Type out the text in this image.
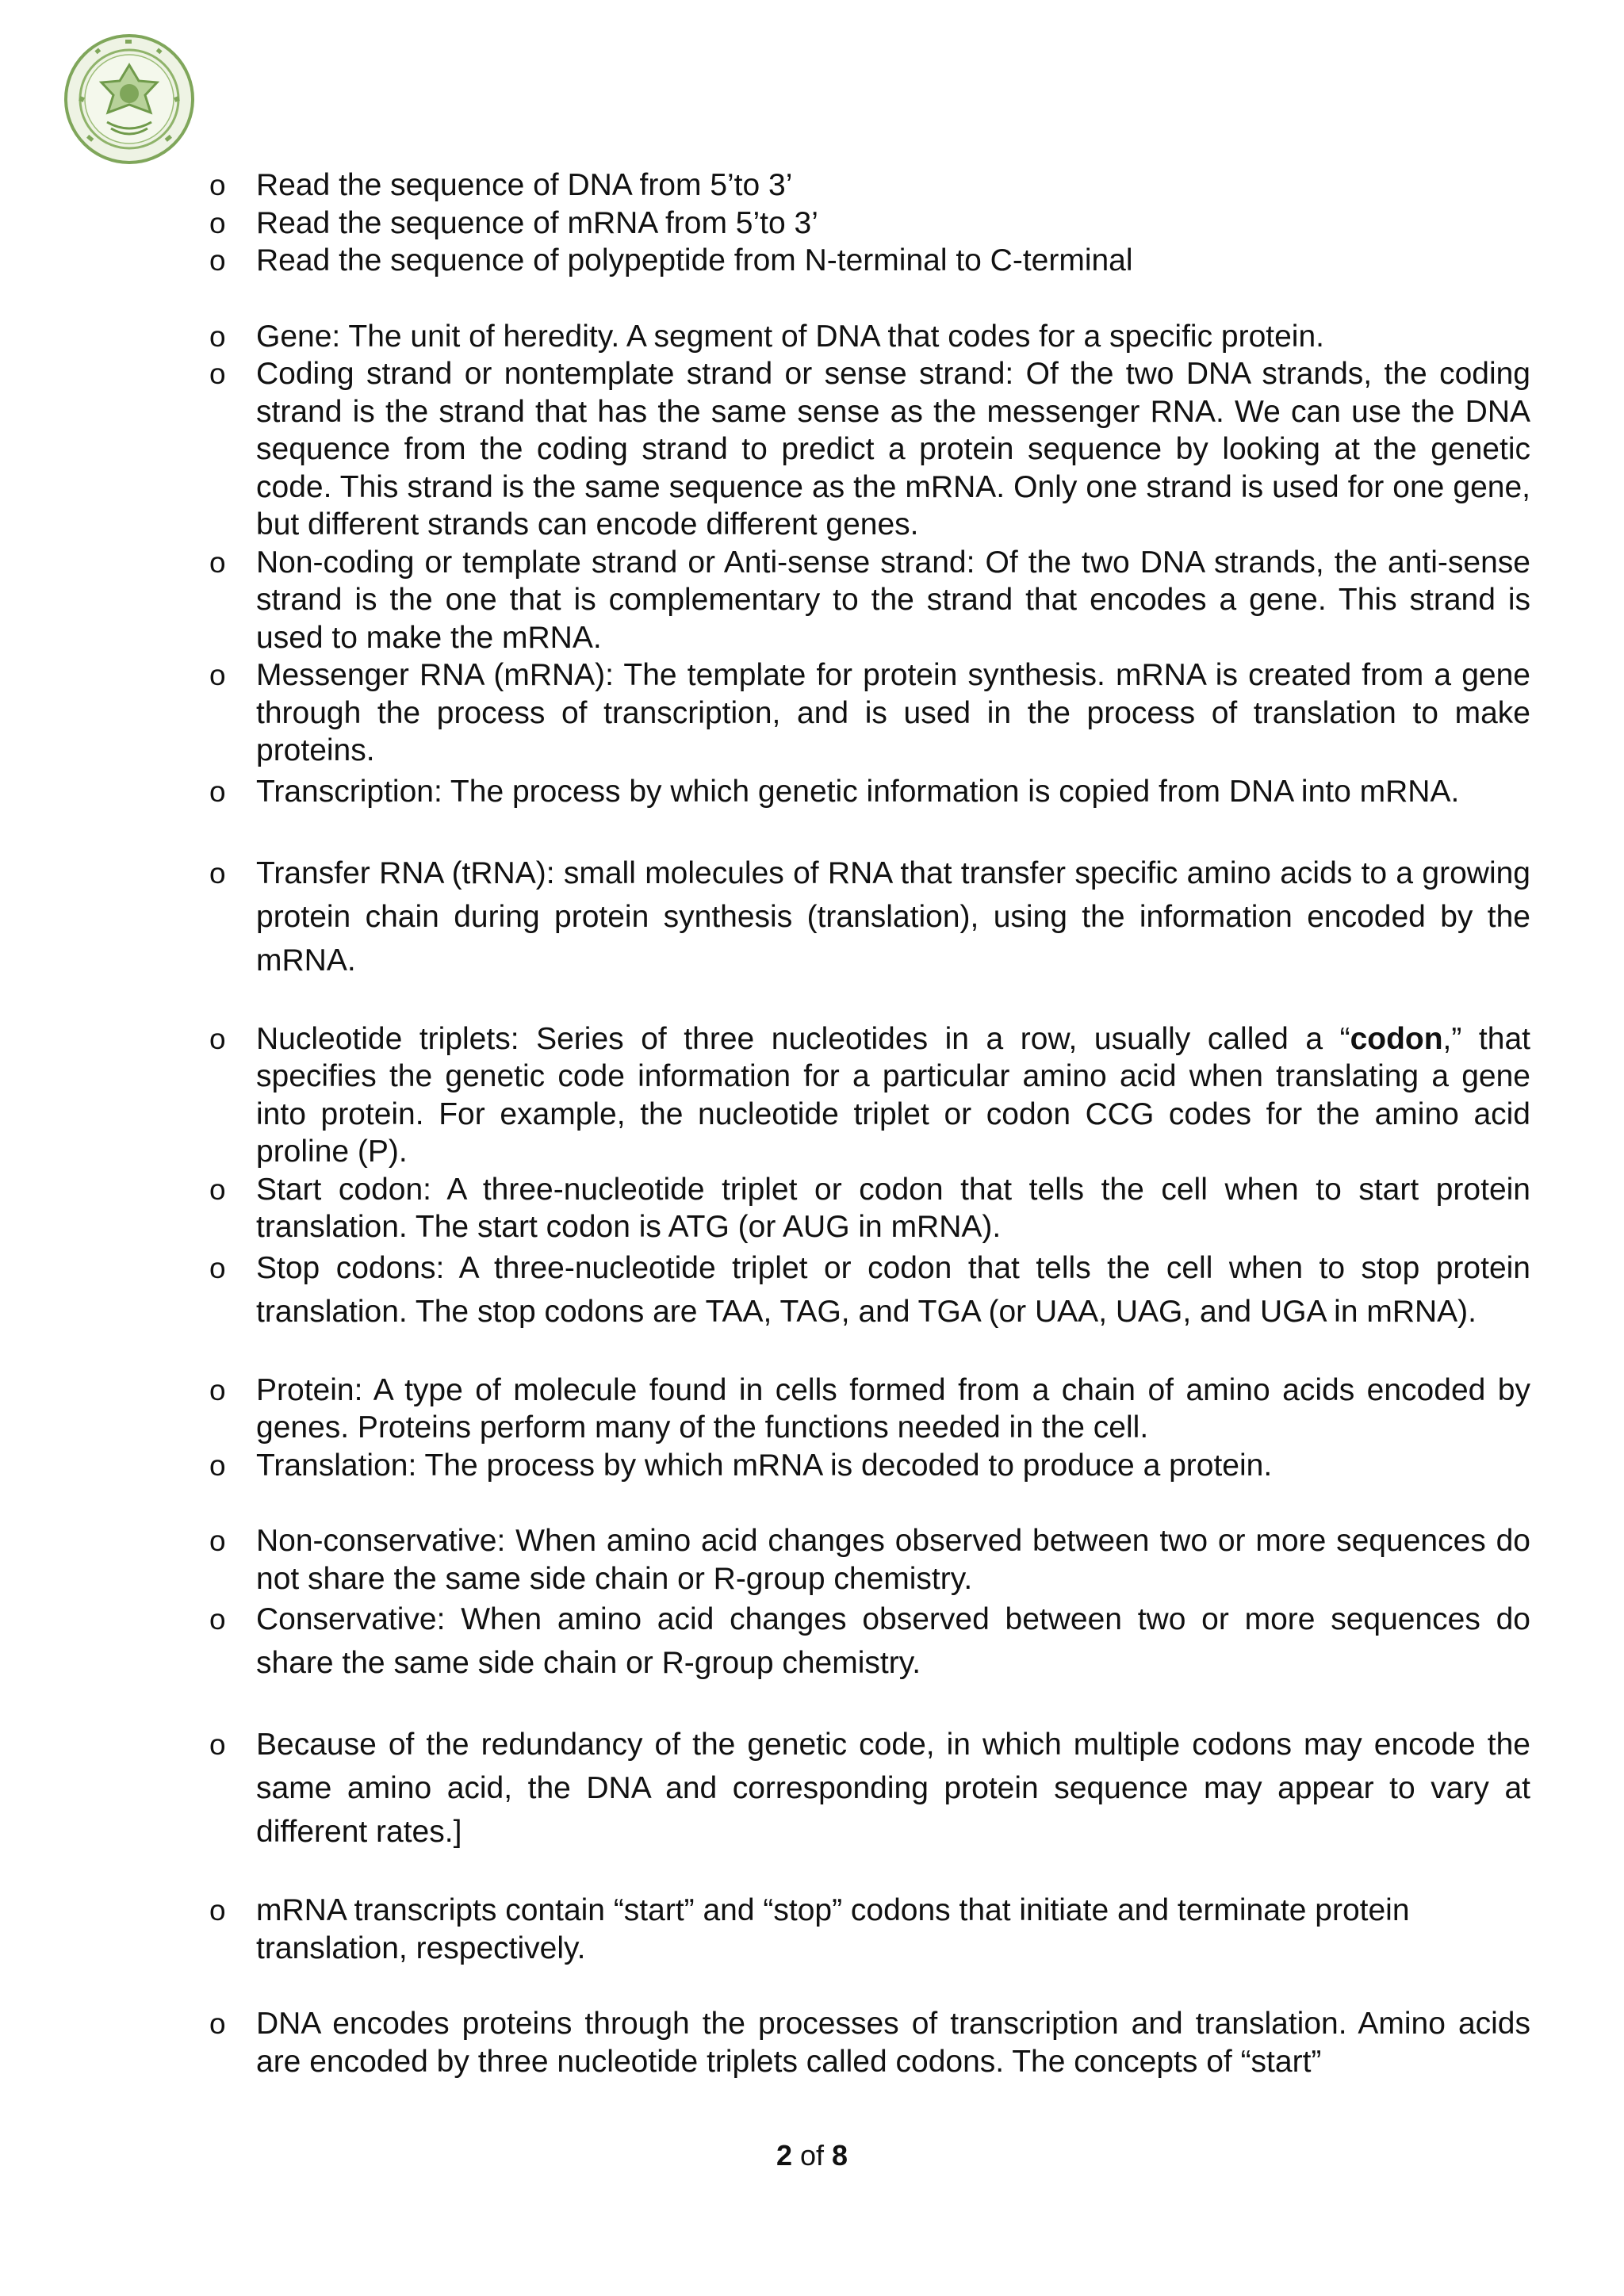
o Read the sequence of DNA from 5’to 3’
o Read the sequence of mRNA from 5’to 3’
o Read the sequence of polypeptide from N-terminal to C-terminal
o Gene: The unit of heredity. A segment of DNA that codes for a specific protein.
o Coding strand or nontemplate strand or sense strand: Of the two DNA strands, the coding strand is the strand that has the same sense as the messenger RNA. We can use the DNA sequence from the coding strand to predict a protein sequence by looking at the genetic code. This strand is the same sequence as the mRNA. Only one strand is used for one gene, but different strands can encode different genes.
o Non-coding or template strand or Anti-sense strand: Of the two DNA strands, the anti-sense strand is the one that is complementary to the strand that encodes a gene. This strand is used to make the mRNA.
o Messenger RNA (mRNA): The template for protein synthesis. mRNA is created from a gene through the process of transcription, and is used in the process of translation to make proteins.
o Transcription: The process by which genetic information is copied from DNA into mRNA.
o Transfer RNA (tRNA): small molecules of RNA that transfer specific amino acids to a growing protein chain during protein synthesis (translation), using the information encoded by the mRNA.
o Nucleotide triplets: Series of three nucleotides in a row, usually called a “codon,” that specifies the genetic code information for a particular amino acid when translating a gene into protein. For example, the nucleotide triplet or codon CCG codes for the amino acid proline (P).
o Start codon: A three-nucleotide triplet or codon that tells the cell when to start protein translation. The start codon is ATG (or AUG in mRNA).
o Stop codons: A three-nucleotide triplet or codon that tells the cell when to stop protein translation. The stop codons are TAA, TAG, and TGA (or UAA, UAG, and UGA in mRNA).
o Protein: A type of molecule found in cells formed from a chain of amino acids encoded by genes. Proteins perform many of the functions needed in the cell.
o Translation: The process by which mRNA is decoded to produce a protein.
o Non-conservative: When amino acid changes observed between two or more sequences do not share the same side chain or R-group chemistry.
o Conservative: When amino acid changes observed between two or more sequences do share the same side chain or R-group chemistry.
o Because of the redundancy of the genetic code, in which multiple codons may encode the same amino acid, the DNA and corresponding protein sequence may appear to vary at different rates.]
o mRNA transcripts contain “start” and “stop” codons that initiate and terminate protein translation, respectively.
o DNA encodes proteins through the processes of transcription and translation. Amino acids are encoded by three nucleotide triplets called codons. The concepts of “start”
2 of 8
